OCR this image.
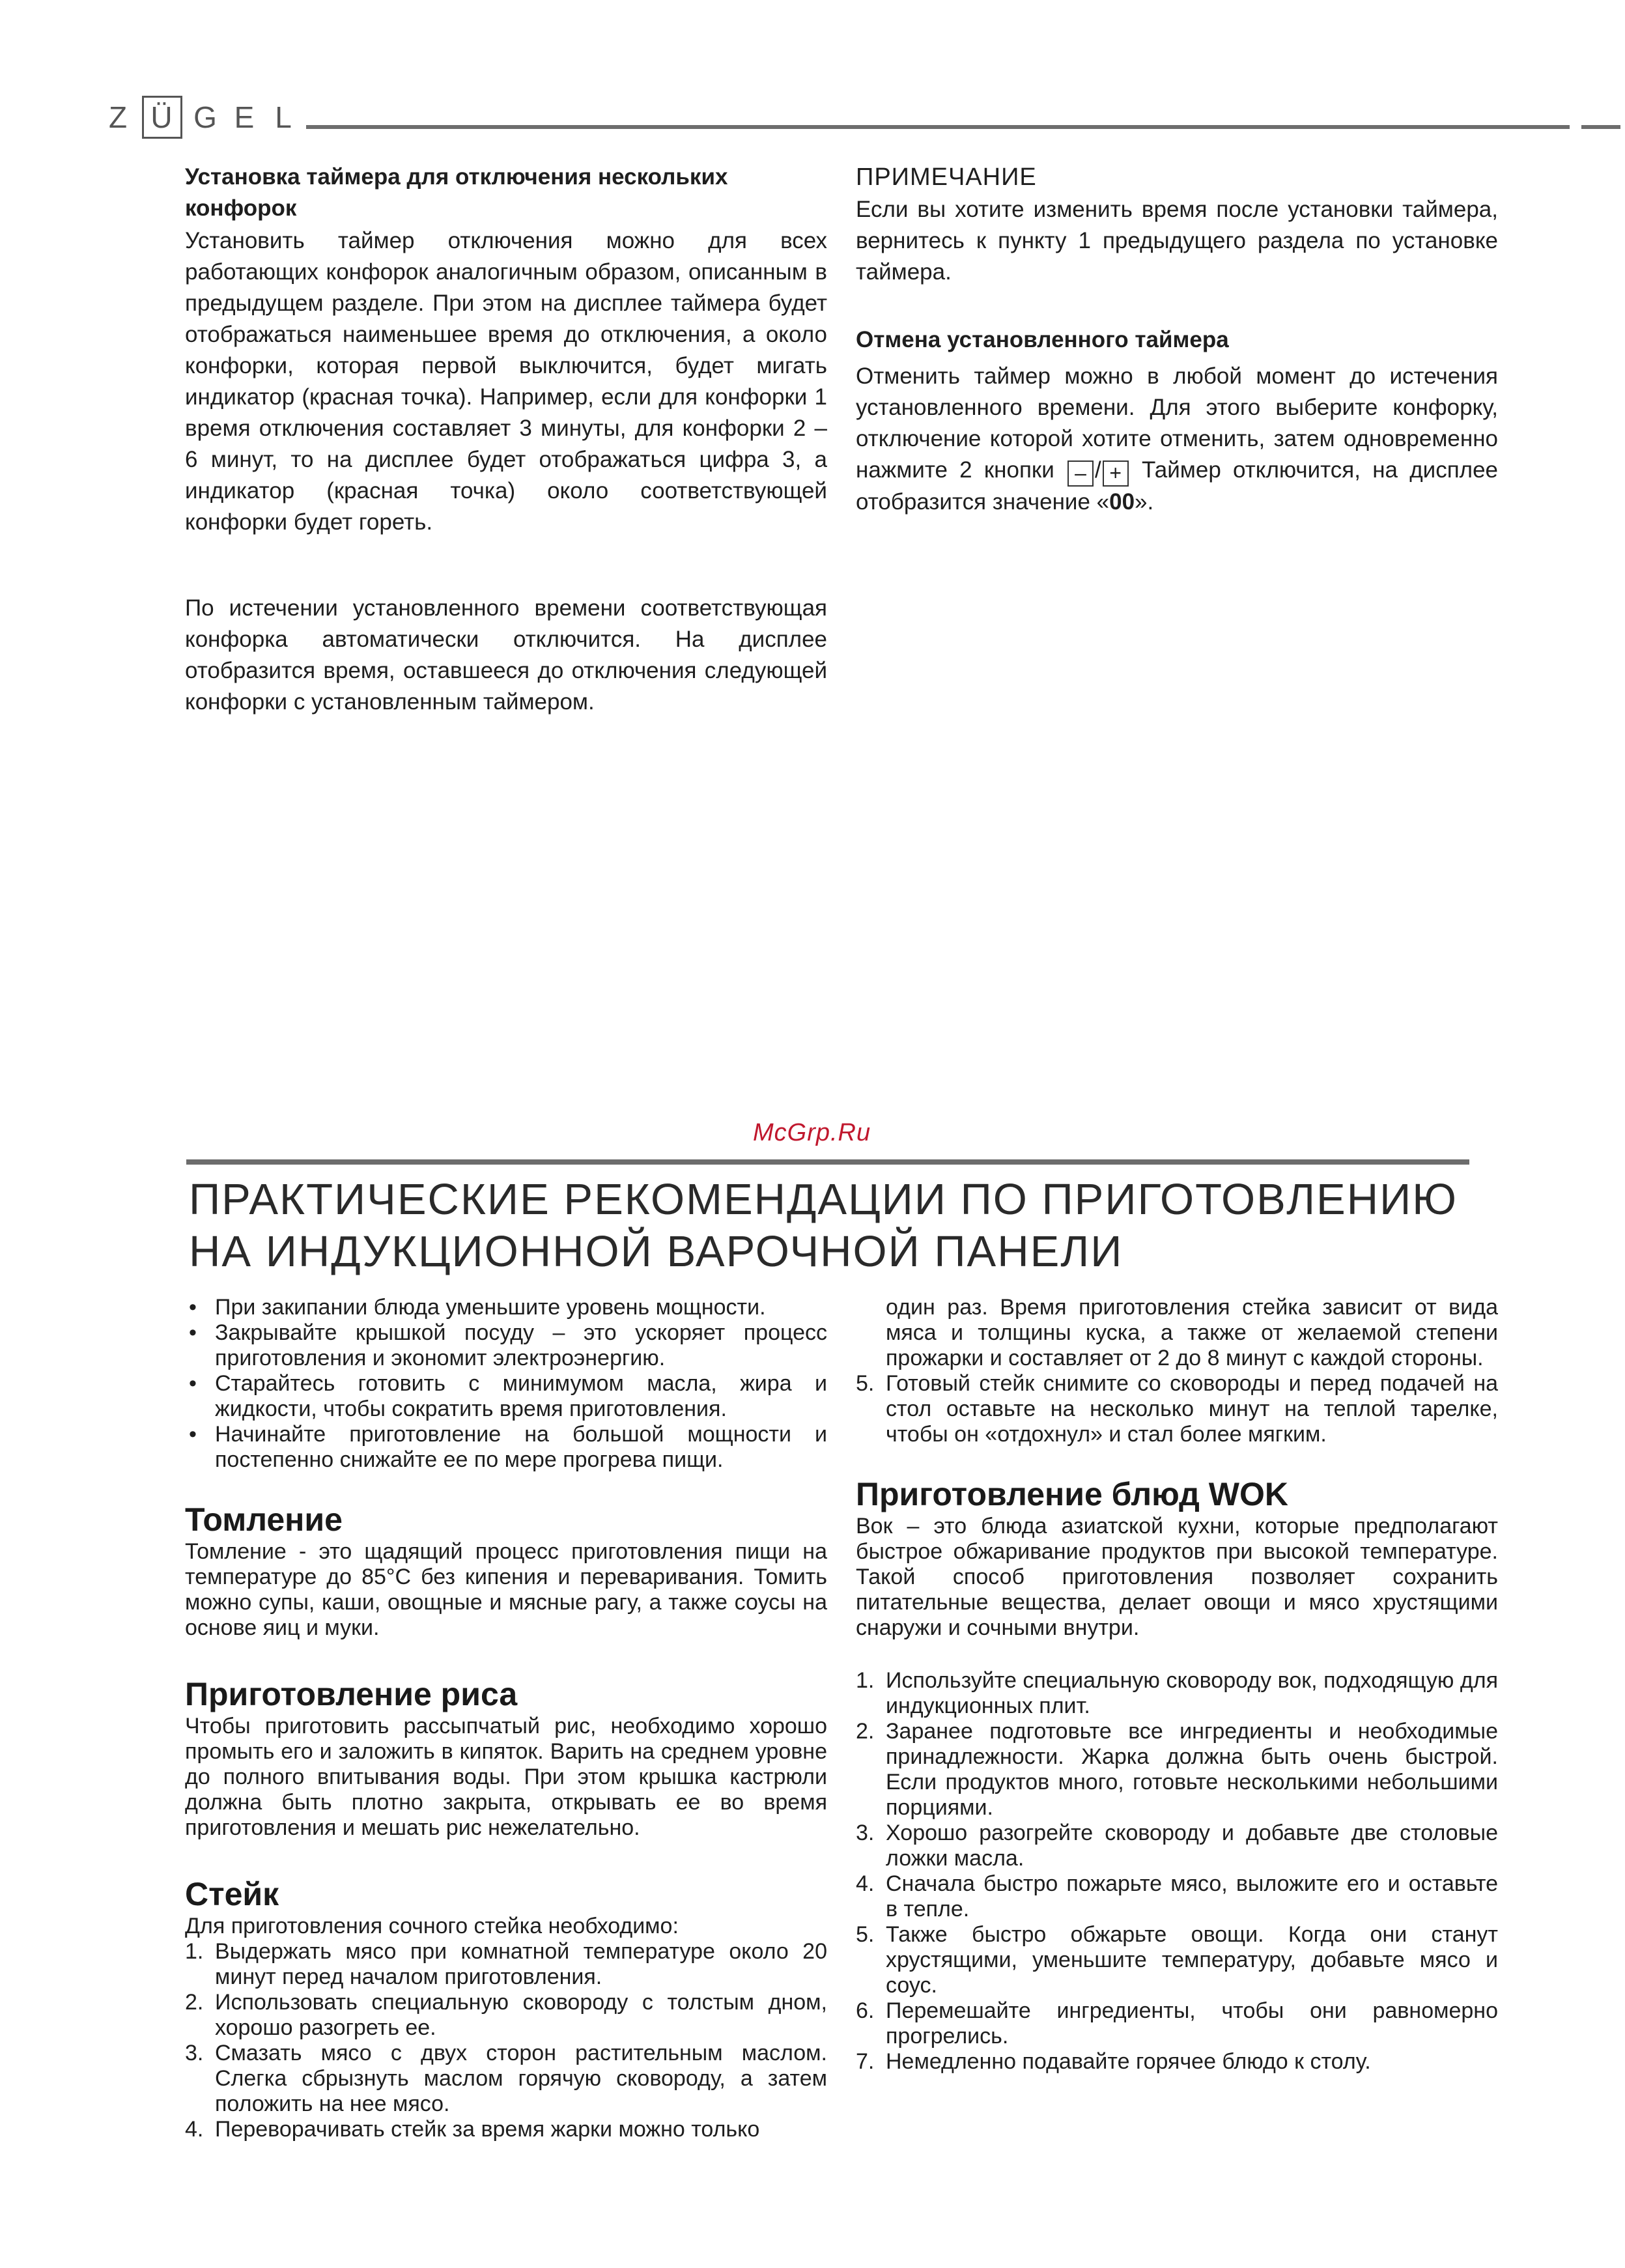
Z Ü G E L
Установка таймера для отключения нескольких конфорок
Установить таймер отключения можно для всех работающих конфорок аналогичным образом, описанным в предыдущем разделе. При этом на дисплее таймера будет отображаться наименьшее время до отключения, а около конфорки, которая первой выключится, будет мигать индикатор (красная точка). Например, если для конфорки 1 время отключения составляет 3 минуты, для конфорки 2 – 6 минут, то на дисплее будет отображаться цифра 3, а индикатор (красная точка) около соответствующей конфорки будет гореть.
По истечении установленного времени соответствующая конфорка автоматически отключится. На дисплее отобразится время, оставшееся до отключения следующей конфорки с установленным таймером.
ПРИМЕЧАНИЕ
Если вы хотите изменить время после установки таймера, вернитесь к пункту 1 предыдущего раздела по установке таймера.
Отмена установленного таймера
Отменить таймер можно в любой момент до истечения установленного времени. Для этого выберите конфорку, отключение которой хотите отменить, затем одновременно нажмите 2 кнопки – / + Таймер отключится, на дисплее отобразится значение «00».
McGrp.Ru
ПРАКТИЧЕСКИЕ РЕКОМЕНДАЦИИ ПО ПРИГОТОВЛЕНИЮ
НА ИНДУКЦИОННОЙ ВАРОЧНОЙ ПАНЕЛИ
• При закипании блюда уменьшите уровень мощности.
• Закрывайте крышкой посуду – это ускоряет процесс приготовления и экономит электроэнергию.
• Старайтесь готовить с минимумом масла, жира и жидкости, чтобы сократить время приготовления.
• Начинайте приготовление на большой мощности и постепенно снижайте ее по мере прогрева пищи.
Томление
Томление - это щадящий процесс приготовления пищи на температуре до 85°С без кипения и переваривания. Томить можно супы, каши, овощные и мясные рагу, а также соусы на основе яиц и муки.
Приготовление риса
Чтобы приготовить рассыпчатый рис, необходимо хорошо промыть его и заложить в кипяток. Варить на среднем уровне до полного впитывания воды. При этом крышка кастрюли должна быть плотно закрыта, открывать ее во время приготовления и мешать рис нежелательно.
Стейк
Для приготовления сочного стейка необходимо:
1. Выдержать мясо при комнатной температуре около 20 минут перед началом приготовления.
2. Использовать специальную сковороду с толстым дном, хорошо разогреть ее.
3. Смазать мясо с двух сторон растительным маслом. Слегка сбрызнуть маслом горячую сковороду, а затем положить на нее мясо.
4. Переворачивать стейк за время жарки можно только
один раз. Время приготовления стейка зависит от вида мяса и толщины куска, а также от желаемой степени прожарки и составляет от 2 до 8 минут с каждой стороны.
5. Готовый стейк снимите со сковороды и перед подачей на стол оставьте на несколько минут на теплой тарелке, чтобы он «отдохнул» и стал более мягким.
Приготовление блюд WOK
Вок – это блюда азиатской кухни, которые предполагают быстрое обжаривание продуктов при высокой температуре. Такой способ приготовления позволяет сохранить питательные вещества, делает овощи и мясо хрустящими снаружи и сочными внутри.
1. Используйте специальную сковороду вок, подходящую для индукционных плит.
2. Заранее подготовьте все ингредиенты и необходимые принадлежности. Жарка должна быть очень быстрой. Если продуктов много, готовьте несколькими небольшими порциями.
3. Хорошо разогрейте сковороду и добавьте две столовые ложки масла.
4. Сначала быстро пожарьте мясо, выложите его и оставьте в тепле.
5. Также быстро обжарьте овощи. Когда они станут хрустящими, уменьшите температуру, добавьте мясо и соус.
6. Перемешайте ингредиенты, чтобы они равномерно прогрелись.
7. Немедленно подавайте горячее блюдо к столу.
